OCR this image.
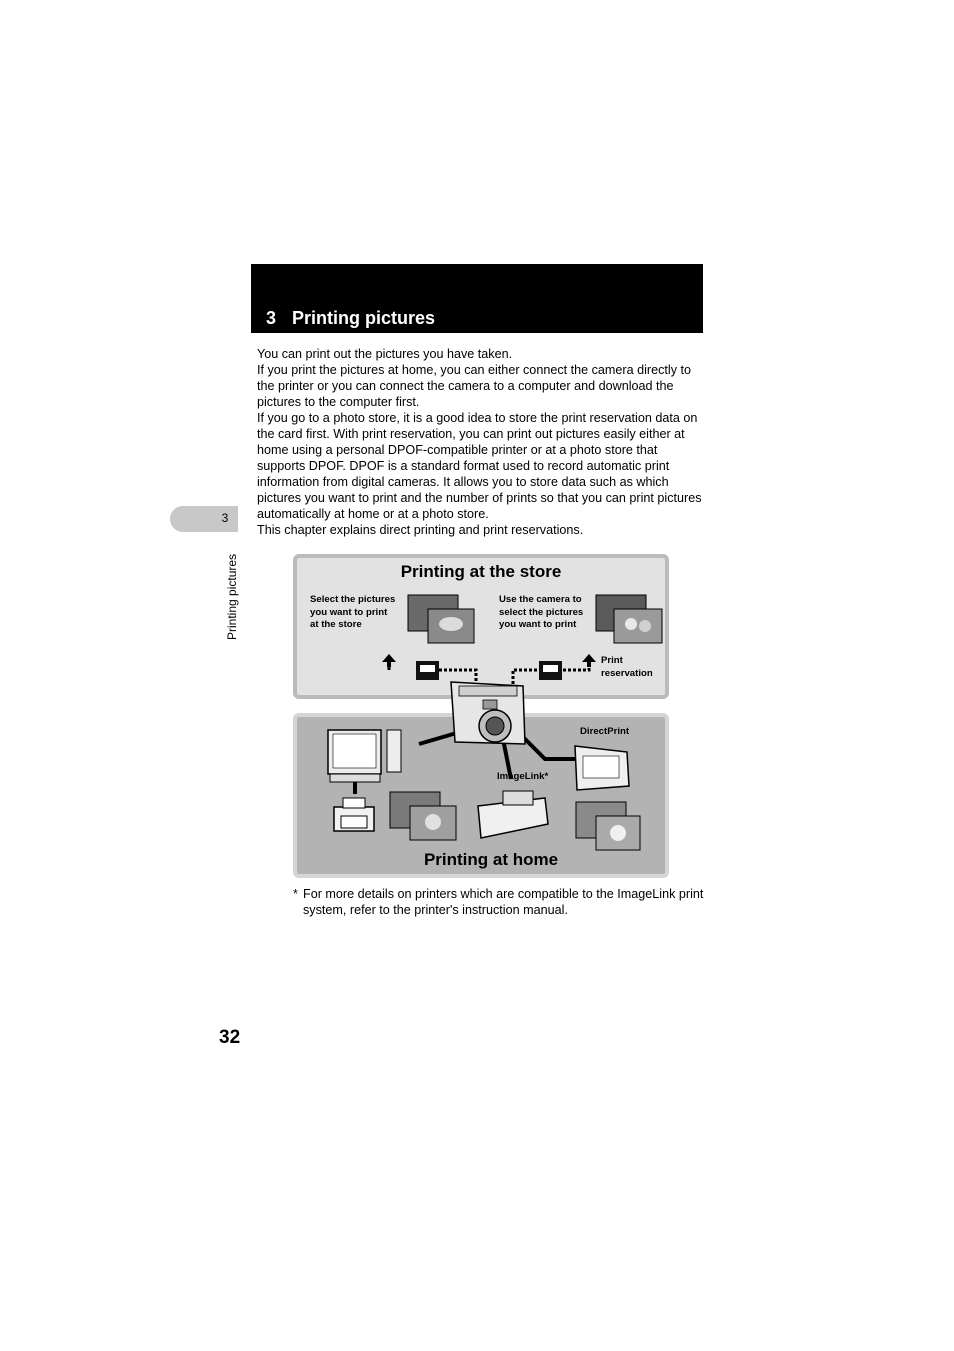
3 Printing pictures

You can print out the pictures you have taken.

If you print the pictures at home, you can either connect the camera directly to the printer or you can connect the camera to a computer and download the pictures to the computer first.

If you go to a photo store, it is a good idea to store the print reservation data on the card first. With print reservation, you can print out pictures easily either at home using a personal DPOF-compatible printer or at a photo store that supports DPOF. DPOF is a standard format used to record automatic print information from digital cameras. It allows you to store data such as which pictures you want to print and the number of prints so that you can print pictures automatically at home or at a photo store.

This chapter explains direct printing and print reservations.

3
Printing pictures	Printing at the store
Select the pictures
you want to print
at the store
Use the camera to
select the pictures
you want to print
Print
reservation
DirectPrint
ImageLink*
Printing at home
* For more details on printers which are compatible to the ImageLink print system, refer to the printer's instruction manual.
32
